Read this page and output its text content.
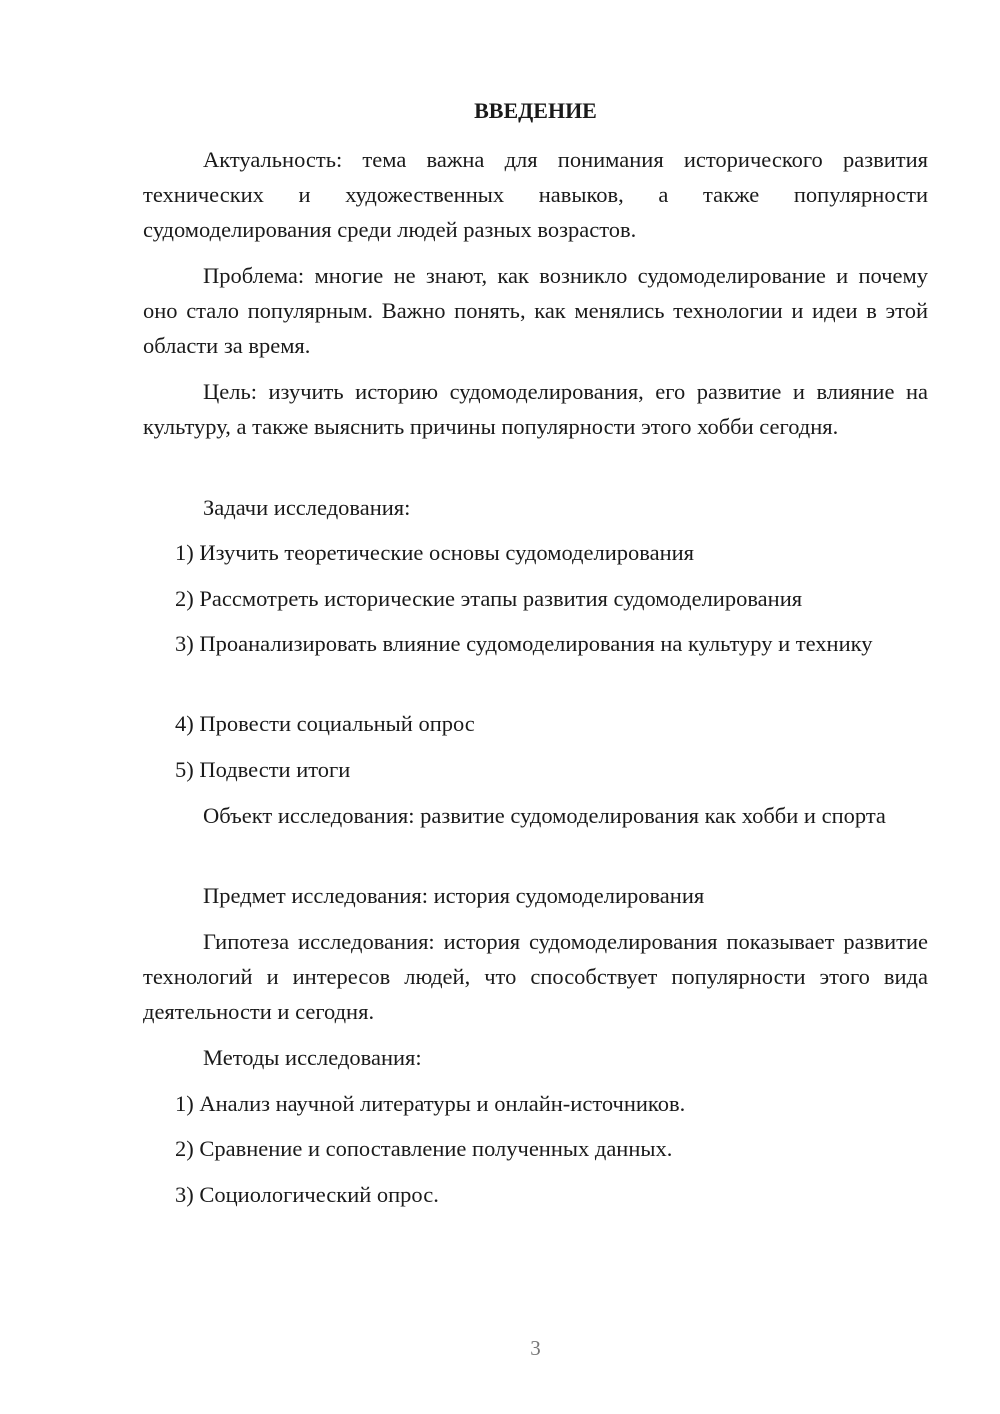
ВВЕДЕНИЕ

Актуальность: тема важна для понимания исторического развития технических и художественных навыков, а также популярности судомоделирования среди людей разных возрастов.

Проблема: многие не знают, как возникло судомоделирование и почему оно стало популярным. Важно понять, как менялись технологии и идеи в этой области за время.

Цель: изучить историю судомоделирования, его развитие и влияние на культуру, а также выяснить причины популярности этого хобби сегодня.

Задачи исследования:

1) Изучить теоретические основы судомоделирования

2) Рассмотреть исторические этапы развития судомоделирования

3) Проанализировать влияние судомоделирования на культуру и технику

4) Провести социальный опрос

5) Подвести итоги

Объект исследования: развитие судомоделирования как хобби и спорта

Предмет исследования: история судомоделирования

Гипотеза исследования: история судомоделирования показывает развитие технологий и интересов людей, что способствует популярности этого вида деятельности и сегодня.

Методы исследования:

1) Анализ научной литературы и онлайн-источников.

2) Сравнение и сопоставление полученных данных.

3) Социологический опрос.

3
